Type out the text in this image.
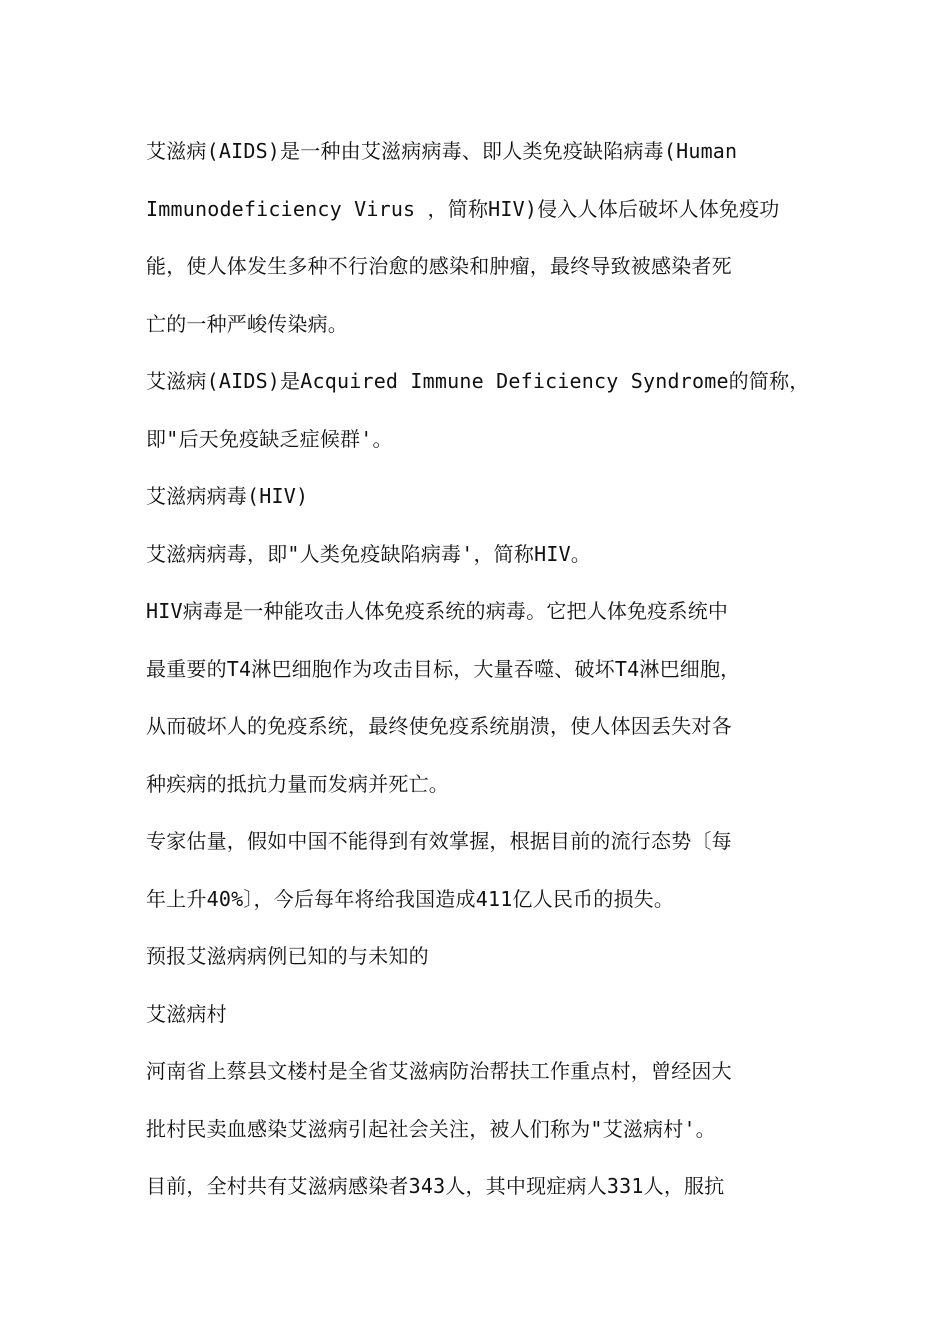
艾滋病(AIDS)是一种由艾滋病病毒、即人类免疫缺陷病毒(Human
Immunodeficiency Virus ，简称HIV)侵入人体后破坏人体免疫功
能，使人体发生多种不行治愈的感染和肿瘤，最终导致被感染者死
亡的一种严峻传染病。
艾滋病(AIDS)是Acquired Immune Deficiency Syndrome的简称，
即"后天免疫缺乏症候群'。
艾滋病病毒(HIV)
艾滋病病毒，即"人类免疫缺陷病毒'，简称HIV。
HIV病毒是一种能攻击人体免疫系统的病毒。它把人体免疫系统中
最重要的T4淋巴细胞作为攻击目标，大量吞噬、破坏T4淋巴细胞，
从而破坏人的免疫系统，最终使免疫系统崩溃，使人体因丢失对各
种疾病的抵抗力量而发病并死亡。
专家估量，假如中国不能得到有效掌握，根据目前的流行态势〔每
年上升40%〕，今后每年将给我国造成411亿人民币的损失。
预报艾滋病病例已知的与未知的
艾滋病村
河南省上蔡县文楼村是全省艾滋病防治帮扶工作重点村，曾经因大
批村民卖血感染艾滋病引起社会关注，被人们称为"艾滋病村'。
目前，全村共有艾滋病感染者343人，其中现症病人331人，服抗
